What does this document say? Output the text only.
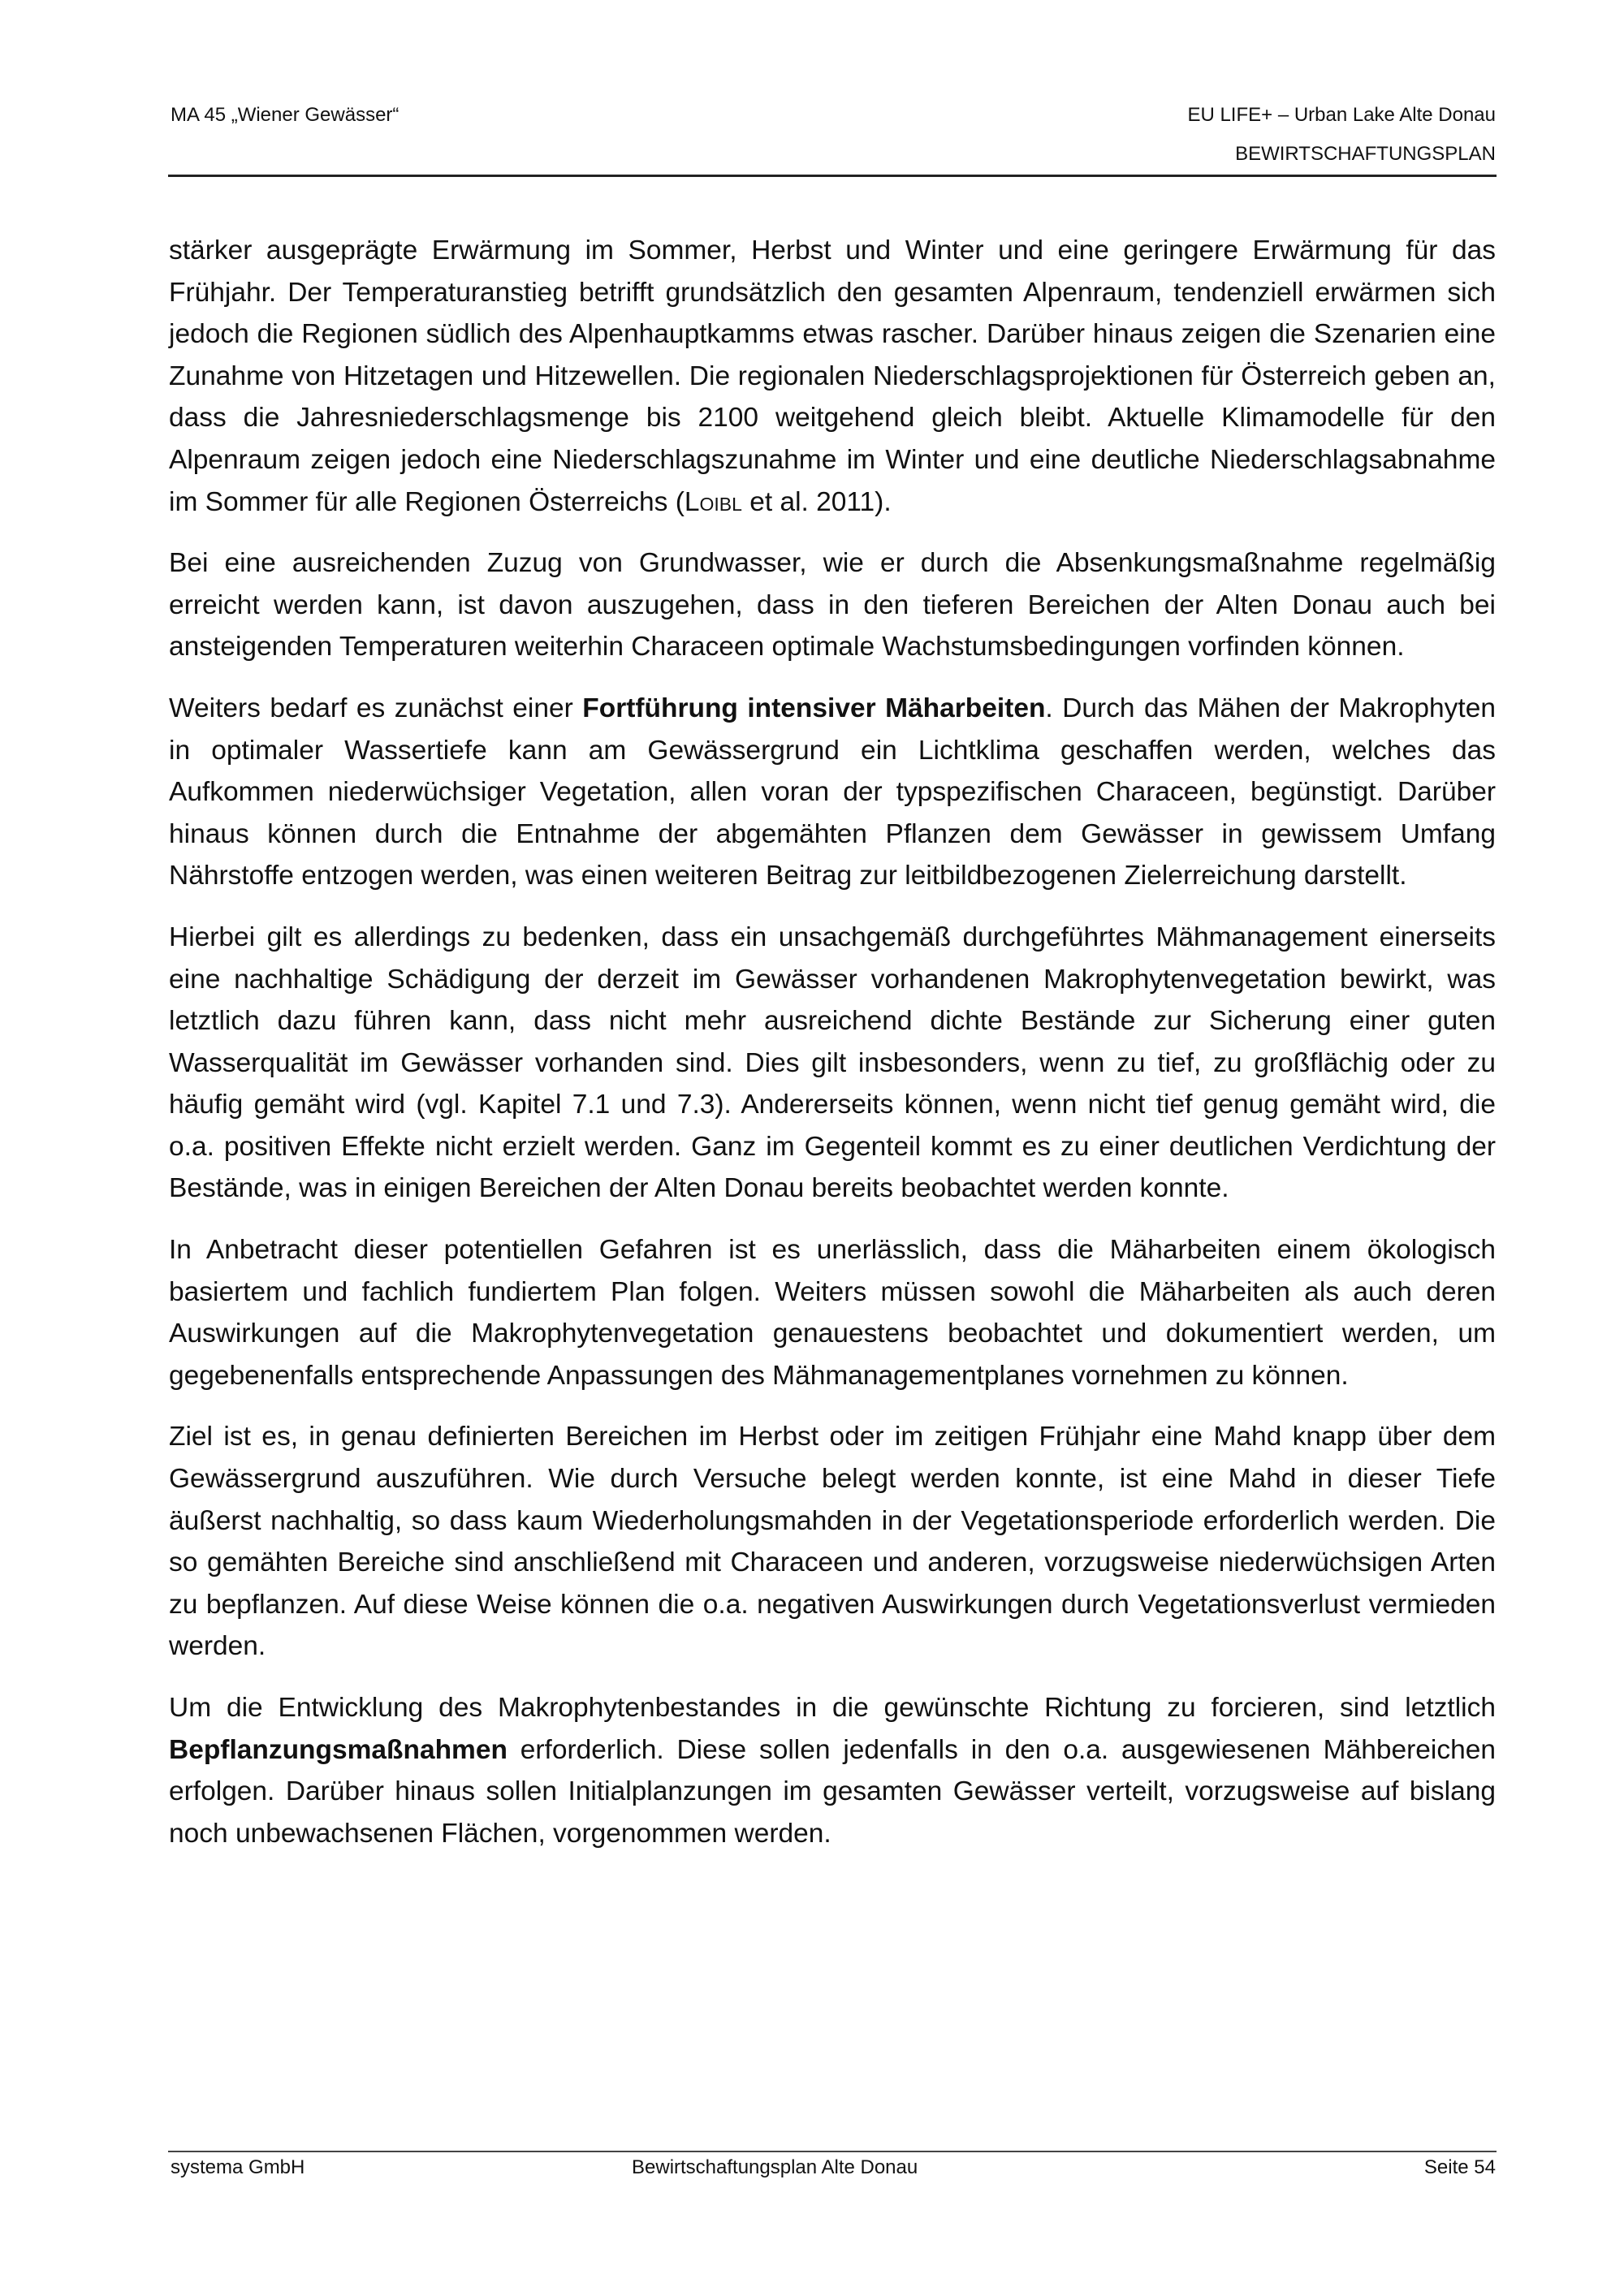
MA 45 „Wiener Gewässer“	EU LIFE+ – Urban Lake Alte Donau
BEWIRTSCHAFTUNGSPLAN

stärker ausgeprägte Erwärmung im Sommer, Herbst und Winter und eine geringere Erwärmung für das Frühjahr. Der Temperaturanstieg betrifft grundsätzlich den gesamten Alpenraum, tendenziell erwärmen sich jedoch die Regionen südlich des Alpenhauptkamms etwas rascher. Darüber hinaus zeigen die Szenarien eine Zunahme von Hitzetagen und Hitzewellen. Die regionalen Niederschlagsprojektionen für Österreich geben an, dass die Jahresniederschlagsmenge bis 2100 weitgehend gleich bleibt. Aktuelle Klimamodelle für den Alpenraum zeigen jedoch eine Niederschlagszunahme im Winter und eine deutliche Niederschlagsabnahme im Sommer für alle Regionen Österreichs (Loibl et al. 2011).

Bei eine ausreichenden Zuzug von Grundwasser, wie er durch die Absenkungsmaßnahme regelmäßig erreicht werden kann, ist davon auszugehen, dass in den tieferen Bereichen der Alten Donau auch bei ansteigenden Temperaturen weiterhin Characeen optimale Wachstumsbedingungen vorfinden können.

Weiters bedarf es zunächst einer Fortführung intensiver Mäharbeiten. Durch das Mähen der Makrophyten in optimaler Wassertiefe kann am Gewässergrund ein Lichtklima geschaffen werden, welches das Aufkommen niederwüchsiger Vegetation, allen voran der typspezifischen Characeen, begünstigt. Darüber hinaus können durch die Entnahme der abgemähten Pflanzen dem Gewässer in gewissem Umfang Nährstoffe entzogen werden, was einen weiteren Beitrag zur leitbildbezogenen Zielerreichung darstellt.

Hierbei gilt es allerdings zu bedenken, dass ein unsachgemäß durchgeführtes Mähmanagement einerseits eine nachhaltige Schädigung der derzeit im Gewässer vorhandenen Makrophytenvegetation bewirkt, was letztlich dazu führen kann, dass nicht mehr ausreichend dichte Bestände zur Sicherung einer guten Wasserqualität im Gewässer vorhanden sind. Dies gilt insbesonders, wenn zu tief, zu großflächig oder zu häufig gemäht wird (vgl. Kapitel 7.1 und 7.3). Andererseits können, wenn nicht tief genug gemäht wird, die o.a. positiven Effekte nicht erzielt werden. Ganz im Gegenteil kommt es zu einer deutlichen Verdichtung der Bestände, was in einigen Bereichen der Alten Donau bereits beobachtet werden konnte.

In Anbetracht dieser potentiellen Gefahren ist es unerlässlich, dass die Mäharbeiten einem ökologisch basiertem und fachlich fundiertem Plan folgen. Weiters müssen sowohl die Mäharbeiten als auch deren Auswirkungen auf die Makrophytenvegetation genauestens beobachtet und dokumentiert werden, um gegebenenfalls entsprechende Anpassungen des Mähmanagementplanes vornehmen zu können.

Ziel ist es, in genau definierten Bereichen im Herbst oder im zeitigen Frühjahr eine Mahd knapp über dem Gewässergrund auszuführen. Wie durch Versuche belegt werden konnte, ist eine Mahd in dieser Tiefe äußerst nachhaltig, so dass kaum Wiederholungsmahden in der Vegetationsperiode erforderlich werden. Die so gemähten Bereiche sind anschließend mit Characeen und anderen, vorzugsweise niederwüchsigen Arten zu bepflanzen. Auf diese Weise können die o.a. negativen Auswirkungen durch Vegetationsverlust vermieden werden.

Um die Entwicklung des Makrophytenbestandes in die gewünschte Richtung zu forcieren, sind letztlich Bepflanzungsmaßnahmen erforderlich. Diese sollen jedenfalls in den o.a. ausgewiesenen Mähbereichen erfolgen. Darüber hinaus sollen Initialplanzungen im gesamten Gewässer verteilt, vorzugsweise auf bislang noch unbewachsenen Flächen, vorgenommen werden.

systema GmbH	Bewirtschaftungsplan Alte Donau	Seite 54
